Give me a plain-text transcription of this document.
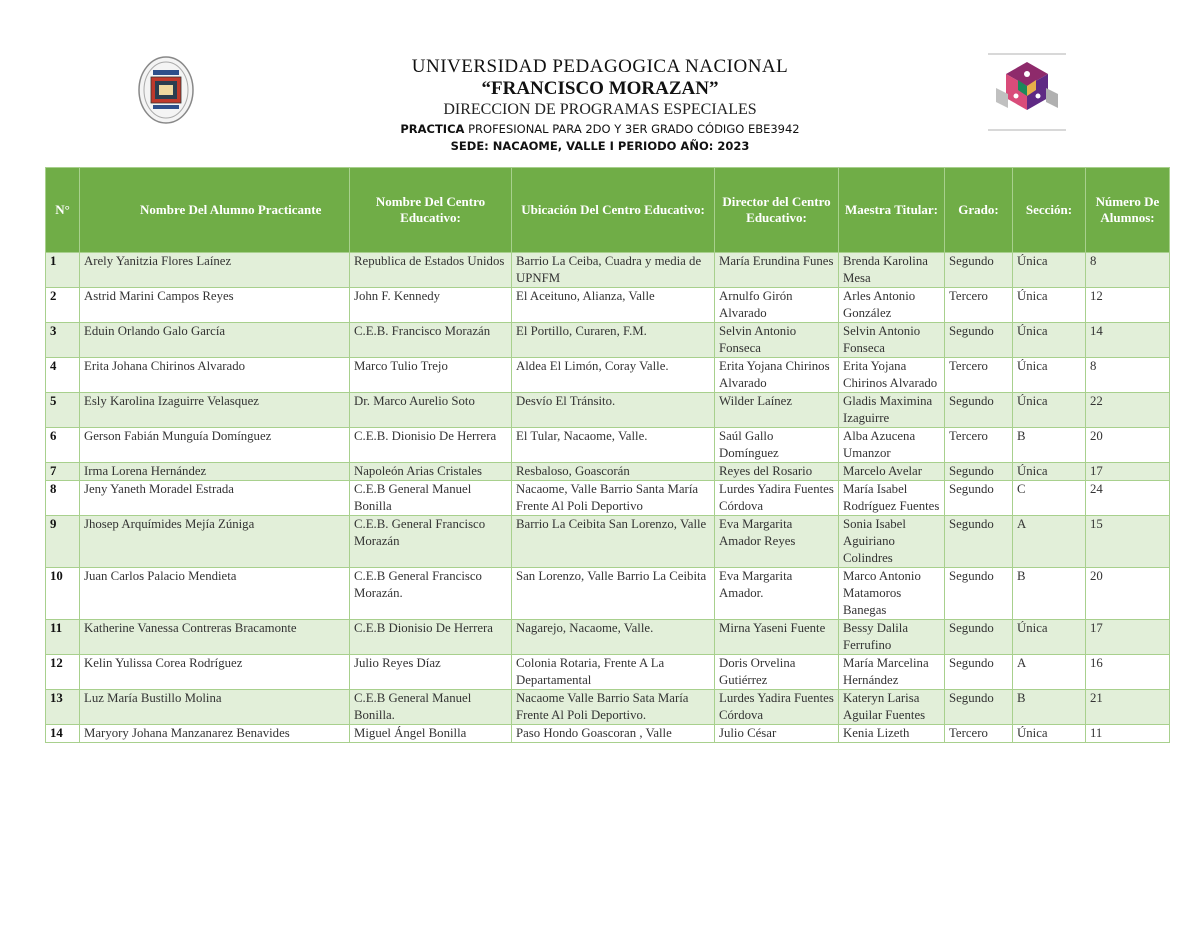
UNIVERSIDAD PEDAGOGICA NACIONAL
“FRANCISCO MORAZAN”
DIRECCION DE PROGRAMAS ESPECIALES
PRACTICA PROFESIONAL PARA 2DO Y 3ER GRADO CÓDIGO EBE3942
SEDE: NACAOME, VALLE I PERIODO AÑO: 2023
N°	Nombre Del Alumno Practicante	Nombre Del Centro Educativo:	Ubicación Del Centro Educativo:	Director del Centro Educativo:	Maestra Titular:	Grado:	Sección:	Número De Alumnos:
1	Arely Yanitzia Flores Laínez	Republica de Estados Unidos	Barrio La Ceiba, Cuadra y media de UPNFM	María Erundina Funes	Brenda Karolina Mesa	Segundo	Única	8
2	Astrid Marini Campos Reyes	John F. Kennedy	El Aceituno, Alianza, Valle	Arnulfo Girón Alvarado	Arles Antonio González	Tercero	Única	12
3	Eduin Orlando Galo García	C.E.B. Francisco Morazán	El Portillo, Curaren, F.M.	Selvin Antonio Fonseca	Selvin Antonio Fonseca	Segundo	Única	14
4	Erita Johana Chirinos Alvarado	Marco Tulio Trejo	Aldea El Limón, Coray Valle.	Erita Yojana Chirinos Alvarado	Erita Yojana Chirinos Alvarado	Tercero	Única	8
5	Esly Karolina Izaguirre Velasquez	Dr. Marco Aurelio Soto	Desvío El Tránsito.	Wilder Laínez	Gladis Maximina Izaguirre	Segundo	Única	22
6	Gerson Fabián Munguía Domínguez	C.E.B. Dionisio De Herrera	El Tular, Nacaome, Valle.	Saúl Gallo Domínguez	Alba Azucena Umanzor	Tercero	B	20
7	Irma Lorena Hernández	Napoleón Arias Cristales	Resbaloso, Goascorán	Reyes del Rosario	Marcelo Avelar	Segundo	Única	17
8	Jeny Yaneth Moradel Estrada	C.E.B General Manuel Bonilla	Nacaome, Valle Barrio Santa María Frente Al Poli Deportivo	Lurdes Yadira Fuentes Córdova	María Isabel Rodríguez Fuentes	Segundo	C	24
9	Jhosep Arquímides Mejía Zúniga	C.E.B. General Francisco Morazán	Barrio La Ceibita San Lorenzo, Valle	Eva Margarita Amador Reyes	Sonia Isabel Aguiriano Colindres	Segundo	A	15
10	Juan Carlos Palacio Mendieta	C.E.B General Francisco Morazán.	San Lorenzo, Valle Barrio La Ceibita	Eva Margarita Amador.	Marco Antonio Matamoros Banegas	Segundo	B	20
11	Katherine Vanessa Contreras Bracamonte	C.E.B Dionisio De Herrera	Nagarejo, Nacaome, Valle.	Mirna Yaseni Fuente	Bessy Dalila Ferrufino	Segundo	Única	17
12	Kelin Yulissa Corea Rodríguez	Julio Reyes Díaz	Colonia Rotaria, Frente A La Departamental	Doris Orvelina Gutiérrez	María Marcelina Hernández	Segundo	A	16
13	Luz María Bustillo Molina	C.E.B General Manuel Bonilla.	Nacaome Valle Barrio Sata María Frente Al Poli Deportivo.	Lurdes Yadira Fuentes Córdova	Kateryn Larisa Aguilar Fuentes	Segundo	B	21
14	Maryory Johana Manzanarez Benavides	Miguel Ángel Bonilla	Paso Hondo Goascoran , Valle	Julio César	Kenia Lizeth	Tercero	Única	11
